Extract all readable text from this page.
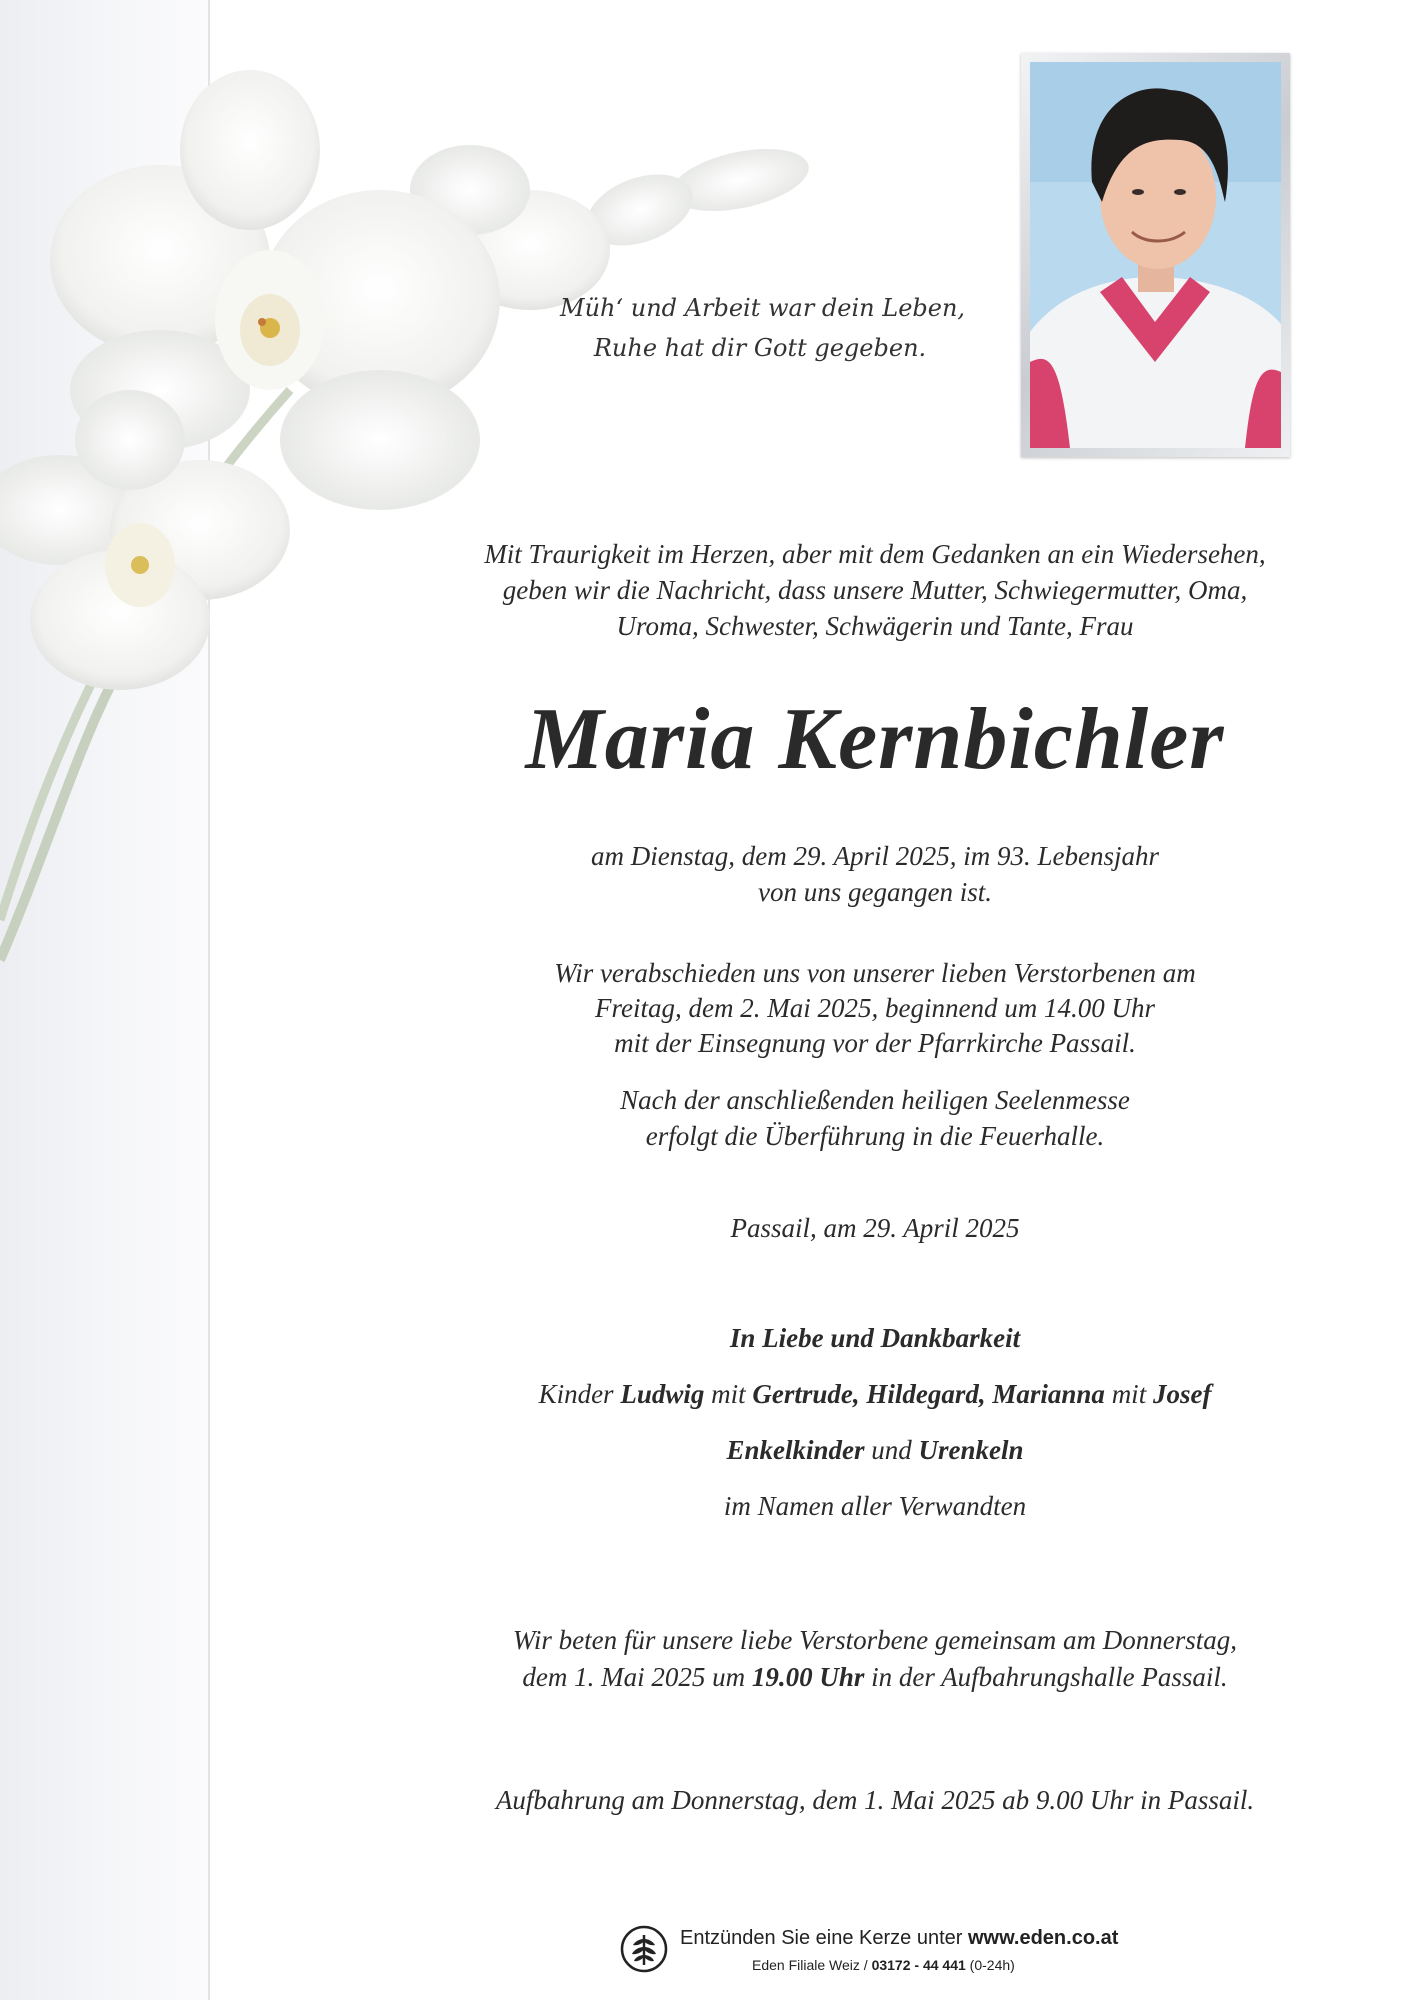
Müh‘ und Arbeit war dein Leben,
Ruhe hat dir Gott gegeben.
Mit Traurigkeit im Herzen, aber mit dem Gedanken an ein Wiedersehen,
geben wir die Nachricht, dass unsere Mutter, Schwiegermutter, Oma,
Uroma, Schwester, Schwägerin und Tante, Frau
Maria Kernbichler
am Dienstag, dem 29. April 2025, im 93. Lebensjahr
von uns gegangen ist.
Wir verabschieden uns von unserer lieben Verstorbenen am
Freitag, dem 2. Mai 2025, beginnend um 14.00 Uhr
mit der Einsegnung vor der Pfarrkirche Passail.
Nach der anschließenden heiligen Seelenmesse
erfolgt die Überführung in die Feuerhalle.
Passail, am 29. April 2025
In Liebe und Dankbarkeit
Kinder Ludwig mit Gertrude, Hildegard, Marianna mit Josef
Enkelkinder und Urenkeln
im Namen aller Verwandten
Wir beten für unsere liebe Verstorbene gemeinsam am Donnerstag,
dem 1. Mai 2025 um 19.00 Uhr in der Aufbahrungshalle Passail.
Aufbahrung am Donnerstag, dem 1. Mai 2025 ab 9.00 Uhr in Passail.
Entzünden Sie eine Kerze unter www.eden.co.at
Eden Filiale Weiz / 03172 - 44 441 (0-24h)
